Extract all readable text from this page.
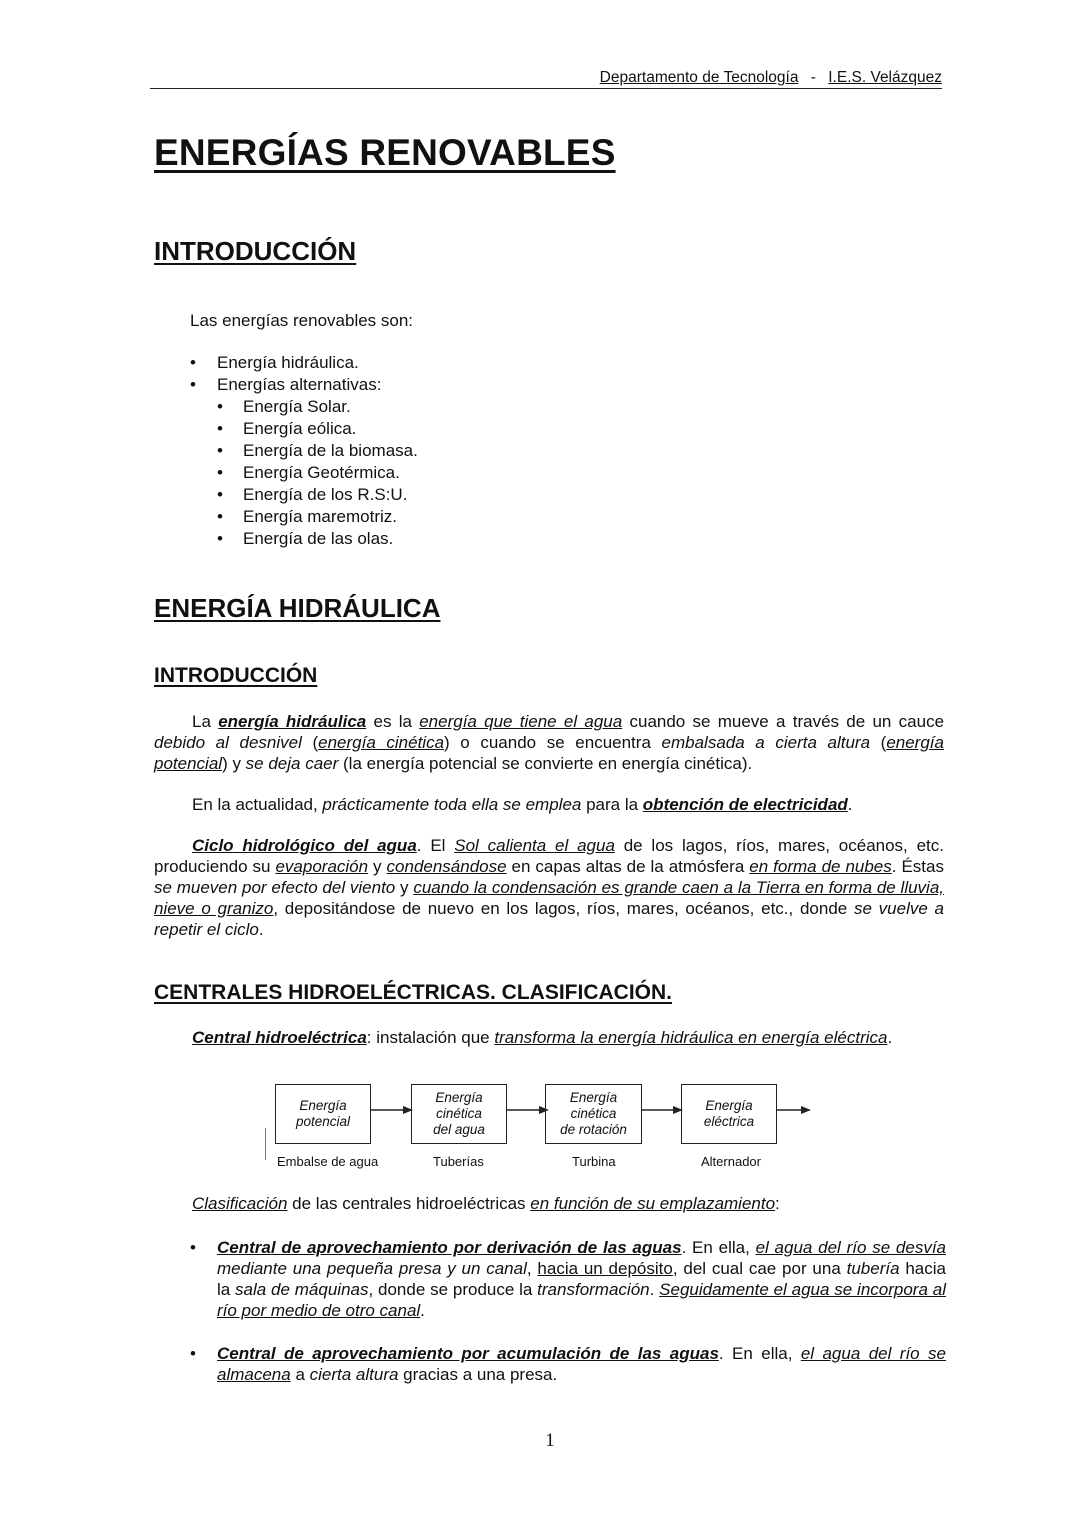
Departamento de Tecnología - I.E.S. Velázquez
ENERGÍAS RENOVABLES
INTRODUCCIÓN
Las energías renovables son:
• Energía hidráulica.
• Energías alternativas:
• Energía Solar.
• Energía eólica.
• Energía de la biomasa.
• Energía Geotérmica.
• Energía de los R.S:U.
• Energía maremotriz.
• Energía de las olas.
ENERGÍA HIDRÁULICA
INTRODUCCIÓN

La energía hidráulica es la energía que tiene el agua cuando se mueve a través de un cauce debido al desnivel (energía cinética) o cuando se encuentra embalsada a cierta altura (energía potencial) y se deja caer (la energía potencial se convierte en energía cinética).

En la actualidad, prácticamente toda ella se emplea para la obtención de electricidad.

Ciclo hidrológico del agua. El Sol calienta el agua de los lagos, ríos, mares, océanos, etc. produciendo su evaporación y condensándose en capas altas de la atmósfera en forma de nubes. Éstas se mueven por efecto del viento y cuando la condensación es grande caen a la Tierra en forma de lluvia, nieve o granizo, depositándose de nuevo en los lagos, ríos, mares, océanos, etc., donde se vuelve a repetir el ciclo.

CENTRALES HIDROELÉCTRICAS. CLASIFICACIÓN.

Central hidroeléctrica: instalación que transforma la energía hidráulica en energía eléctrica.

Energía
potencial
Energía
cinética
del agua
Energía
cinética
de rotación
Energía
eléctrica
Embalse de agua	Tuberías	Turbina	Alternador

Clasificación de las centrales hidroeléctricas en función de su emplazamiento:

• Central de aprovechamiento por derivación de las aguas. En ella, el agua del río se desvía mediante una pequeña presa y un canal, hacia un depósito, del cual cae por una tubería hacia la sala de máquinas, donde se produce la transformación. Seguidamente el agua se incorpora al río por medio de otro canal.
• Central de aprovechamiento por acumulación de las aguas. En ella, el agua del río se almacena a cierta altura gracias a una presa.
1
